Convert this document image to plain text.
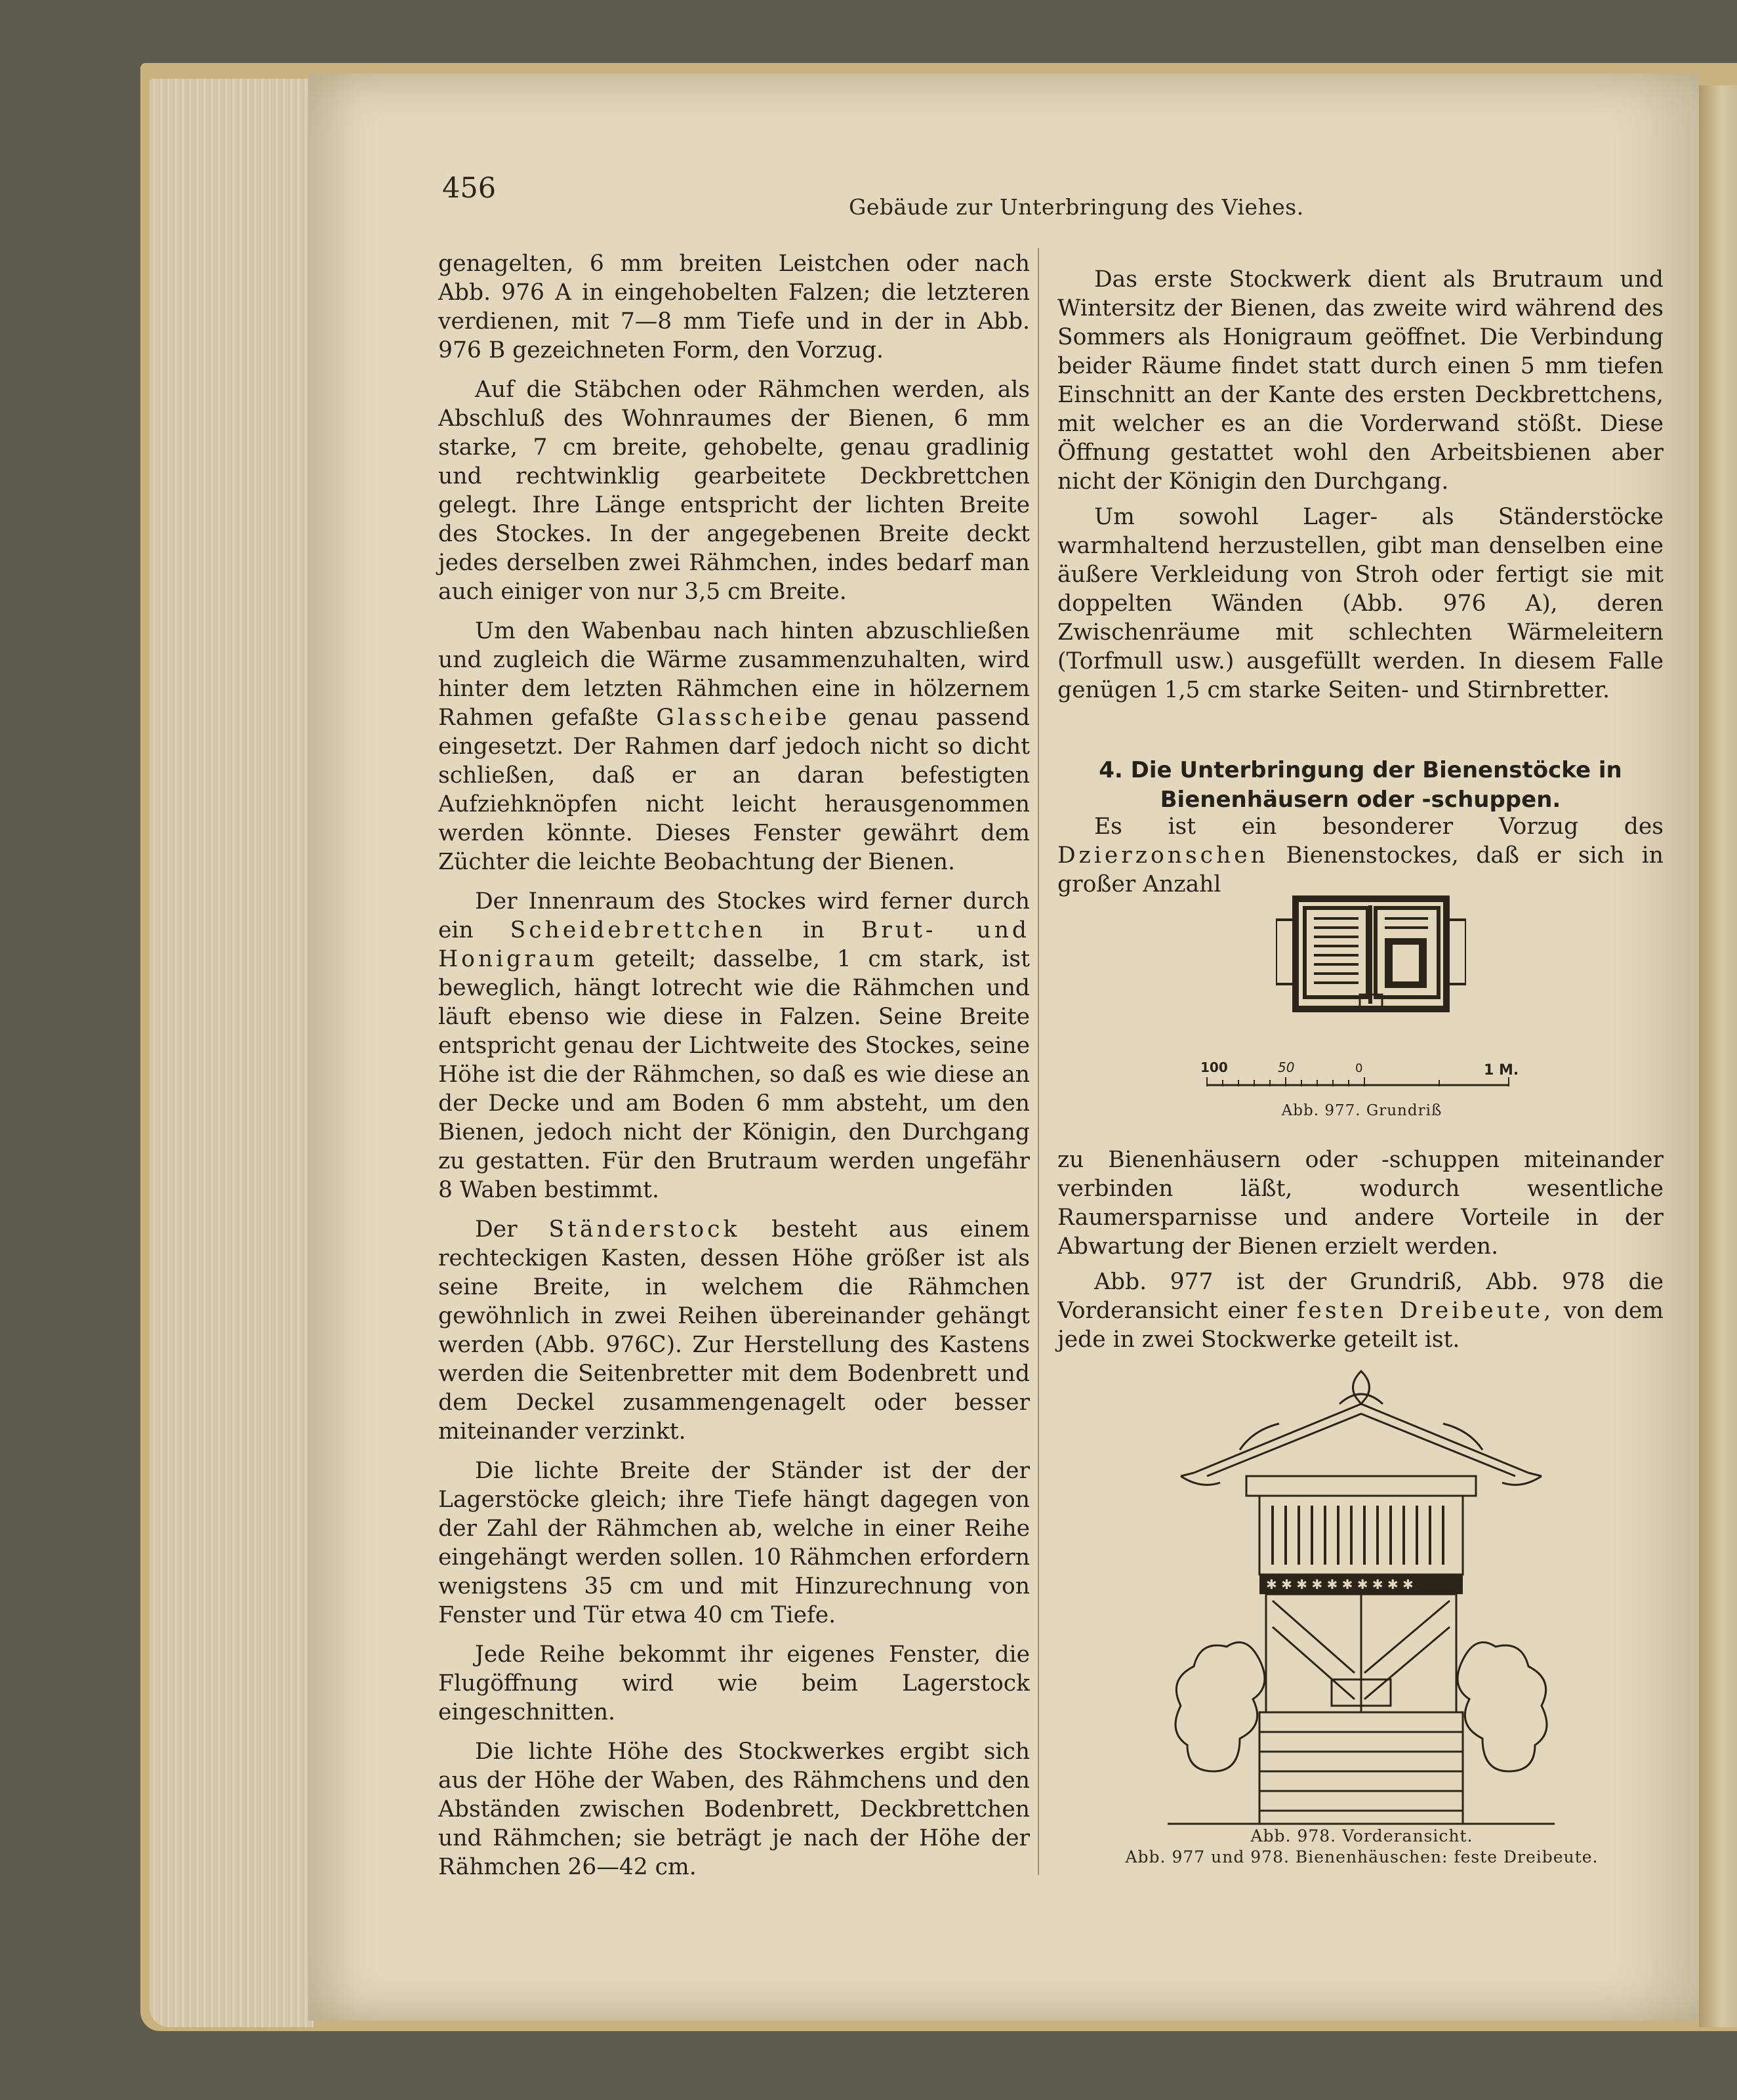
456
Gebäude zur Unterbringung des Viehes.

genagelten, 6 mm breiten Leistchen oder nach Abb. 976 A in eingehobelten Falzen; die letzteren verdienen, mit 7—8 mm Tiefe und in der in Abb. 976 B gezeichneten Form, den Vorzug.

Auf die Stäbchen oder Rähmchen werden, als Abschluß des Wohnraumes der Bienen, 6 mm starke, 7 cm breite, gehobelte, genau gradlinig und rechtwinklig gearbeitete Deckbrettchen gelegt. Ihre Länge entspricht der lichten Breite des Stockes. In der angegebenen Breite deckt jedes derselben zwei Rähmchen, indes bedarf man auch einiger von nur 3,5 cm Breite.

Um den Wabenbau nach hinten abzuschließen und zugleich die Wärme zusammenzuhalten, wird hinter dem letzten Rähmchen eine in hölzernem Rahmen gefaßte Glasscheibe genau passend eingesetzt. Der Rahmen darf jedoch nicht so dicht schließen, daß er an daran befestigten Aufziehknöpfen nicht leicht herausgenommen werden könnte. Dieses Fenster gewährt dem Züchter die leichte Beobachtung der Bienen.

Der Innenraum des Stockes wird ferner durch ein Scheidebrettchen in Brut- und Honigraum geteilt; dasselbe, 1 cm stark, ist beweglich, hängt lotrecht wie die Rähmchen und läuft ebenso wie diese in Falzen. Seine Breite entspricht genau der Lichtweite des Stockes, seine Höhe ist die der Rähmchen, so daß es wie diese an der Decke und am Boden 6 mm absteht, um den Bienen, jedoch nicht der Königin, den Durchgang zu gestatten. Für den Brutraum werden ungefähr 8 Waben bestimmt.

Der Ständerstock besteht aus einem rechteckigen Kasten, dessen Höhe größer ist als seine Breite, in welchem die Rähmchen gewöhnlich in zwei Reihen übereinander gehängt werden (Abb. 976C). Zur Herstellung des Kastens werden die Seitenbretter mit dem Bodenbrett und dem Deckel zusammengenagelt oder besser miteinander verzinkt.

Die lichte Breite der Ständer ist der der Lagerstöcke gleich; ihre Tiefe hängt dagegen von der Zahl der Rähmchen ab, welche in einer Reihe eingehängt werden sollen. 10 Rähmchen erfordern wenigstens 35 cm und mit Hinzurechnung von Fenster und Tür etwa 40 cm Tiefe.

Jede Reihe bekommt ihr eigenes Fenster, die Flugöffnung wird wie beim Lagerstock eingeschnitten.

Die lichte Höhe des Stockwerkes ergibt sich aus der Höhe der Waben, des Rähmchens und den Abständen zwischen Bodenbrett, Deckbrettchen und Rähmchen; sie beträgt je nach der Höhe der Rähmchen 26—42 cm.

Das erste Stockwerk dient als Brutraum und Wintersitz der Bienen, das zweite wird während des Sommers als Honigraum geöffnet. Die Verbindung beider Räume findet statt durch einen 5 mm tiefen Einschnitt an der Kante des ersten Deckbrettchens, mit welcher es an die Vorderwand stößt. Diese Öffnung gestattet wohl den Arbeitsbienen aber nicht der Königin den Durchgang.

Um sowohl Lager- als Ständerstöcke warmhaltend herzustellen, gibt man denselben eine äußere Verkleidung von Stroh oder fertigt sie mit doppelten Wänden (Abb. 976 A), deren Zwischenräume mit schlechten Wärmeleitern (Torfmull usw.) ausgefüllt werden. In diesem Falle genügen 1,5 cm starke Seiten- und Stirnbretter.

4. Die Unterbringung der Bienenstöcke in
Bienenhäusern oder -schuppen.

Es ist ein besonderer Vorzug des Dzierzonschen Bienenstockes, daß er sich in großer Anzahl

100	50	0	1 M.
Abb. 977. Grundriß

zu Bienenhäusern oder -schuppen miteinander verbinden läßt, wodurch wesentliche Raumersparnisse und andere Vorteile in der Abwartung der Bienen erzielt werden.

Abb. 977 ist der Grundriß, Abb. 978 die Vorderansicht einer festen Dreibeute, von dem jede in zwei Stockwerke geteilt ist.

✱ ✱ ✱ ✱ ✱ ✱ ✱ ✱ ✱ ✱
Abb. 978. Vorderansicht.
Abb. 977 und 978. Bienenhäuschen: feste Dreibeute.
